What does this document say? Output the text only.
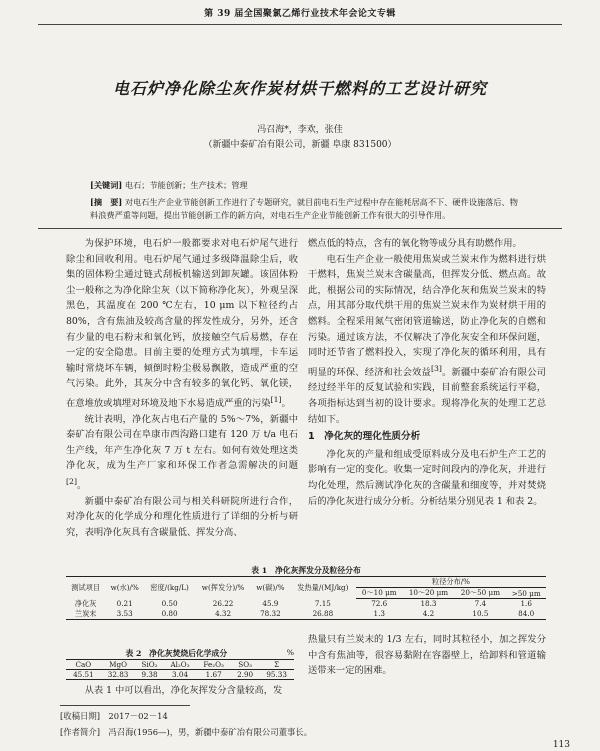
第 39 届全国聚氯乙烯行业技术年会论文专辑
电石炉净化除尘灰作炭材烘干燃料的工艺设计研究
冯召海*，李欢，张佳
（新疆中泰矿冶有限公司，新疆 阜康 831500）
[关键词] 电石；节能创新；生产技术；管理
[摘　要] 对电石生产企业节能创新工作进行了专题研究，就目前电石生产过程中存在能耗居高不下、硬件设施落后、物料浪费严重等问题，提出节能创新工作的新方向，对电石生产企业节能创新工作有很大的引导作用。

为保护环境，电石炉一般都要求对电石炉尾气进行除尘和回收利用。电石炉尾气通过多级降温除尘后，收集的固体粉尘通过链式刮板机输送到卸灰罐。该固体粉尘一般称之为净化除尘灰（以下简称净化灰），外观呈深黑色，其温度在 200 ℃左右，10 μm 以下粒径约占 80%，含有焦油及较高含量的挥发性成分，另外，还含有少量的电石粉末和氧化钙，放接触空气后易燃，存在一定的安全隐患。目前主要的处理方式为填埋，卡车运输时常烧坏车辆，倾倒时粉尘极易飘散，造成严重的空气污染。此外，其灰分中含有较多的氧化钙、氧化镁，在意堆放或填埋对环境及地下水易造成严重的污染[1]。

统计表明，净化灰占电石产量的 5%～7%，新疆中泰矿冶有限公司在阜康市西沟路口建有 120 万 t/a 电石生产线，年产生净化灰 7 万 t 左右。如何有效处理这类净化灰，成为生产厂家和环保工作者急需解决的问题[2]。

新疆中泰矿冶有限公司与相关科研院所进行合作，对净化灰的化学成分和理化性质进行了详细的分析与研究，表明净化灰具有含碳量低、挥发分高、

燃点低的特点，含有的氧化物等成分具有助燃作用。

电石生产企业一般使用焦炭或兰炭末作为燃料进行烘干燃料，焦炭兰炭末含碳量高，但挥发分低、燃点高。故此，根据公司的实际情况，结合净化灰和焦炭兰炭末的特点，用其部分取代烘干用的焦炭兰炭末作为炭材烘干用的燃料。全程采用氮气密闭管道输送，防止净化灰的自燃和污染。通过该方法，不仅解决了净化灰安全和环保问题，同时还节省了燃料投入，实现了净化灰的循环利用，具有明显的环保、经济和社会效益[3]。新疆中泰矿冶有限公司经过经半年的反复试验和实践，目前整套系统运行平稳，各项指标达到当初的设计要求。现将净化灰的处理工艺总结如下。

1　净化灰的理化性质分析

净化灰的产量和组成受原料成分及电石炉生产工艺的影响有一定的变化。收集一定时间段内的净化灰，并进行均化处理，然后测试净化灰的含碳量和细度等，并对焚烧后的净化灰进行成分分析。分析结果分别见表 1 和表 2。

表 1　净化灰挥发分及粒径分布
测试项目	w(水)/%	密度/(kg/L)	w(挥发分)/%	w(碳)/%	发热量/(MJ/kg)	粒径分布/%			
						0～10 μm	10～20 μm	20～50 μm	>50 μm
净化灰	0.21	0.50	26.22	45.9	7.15	72.6	18.3	7.4	1.6
兰炭末	3.53	0.80	4.32	78.32	26.88	1.3	4.2	10.5	84.0
表 2　净化灰焚烧后化学成分	%
CaO	MgO	SiO₂	Al₂O₃	Fe₂O₃	SO₃	Σ
45.51	32.83	9.38	3.04	1.67	2.90	95.33

从表 1 中可以看出，净化灰挥发分含量较高，发

热量只有兰炭末的 1/3 左右，同时其粒径小，加之挥发分中含有焦油等，很容易黏附在容器壁上，给卸料和管道输送带来一定的困难。

[收稿日期]　2017－02－14
[作者简介]　冯召海(1956—)，男，新疆中泰矿冶有限公司董事长。
113
